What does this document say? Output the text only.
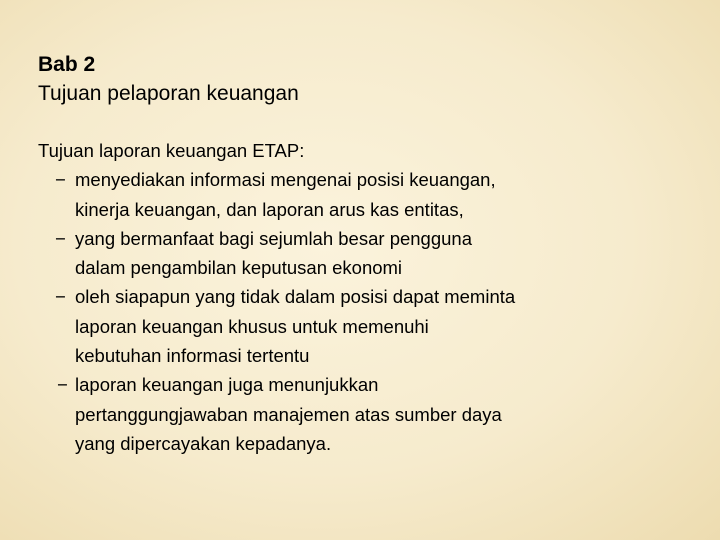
Bab 2
Tujuan pelaporan keuangan

Tujuan laporan keuangan ETAP:

− menyediakan informasi mengenai posisi keuangan,
kinerja keuangan, dan laporan arus kas entitas,
− yang bermanfaat bagi sejumlah besar pengguna
dalam pengambilan keputusan ekonomi
− oleh siapapun yang tidak dalam posisi dapat meminta
laporan keuangan khusus untuk memenuhi
kebutuhan informasi tertentu
− laporan keuangan juga menunjukkan
pertanggungjawaban manajemen atas sumber daya
yang dipercayakan kepadanya.
